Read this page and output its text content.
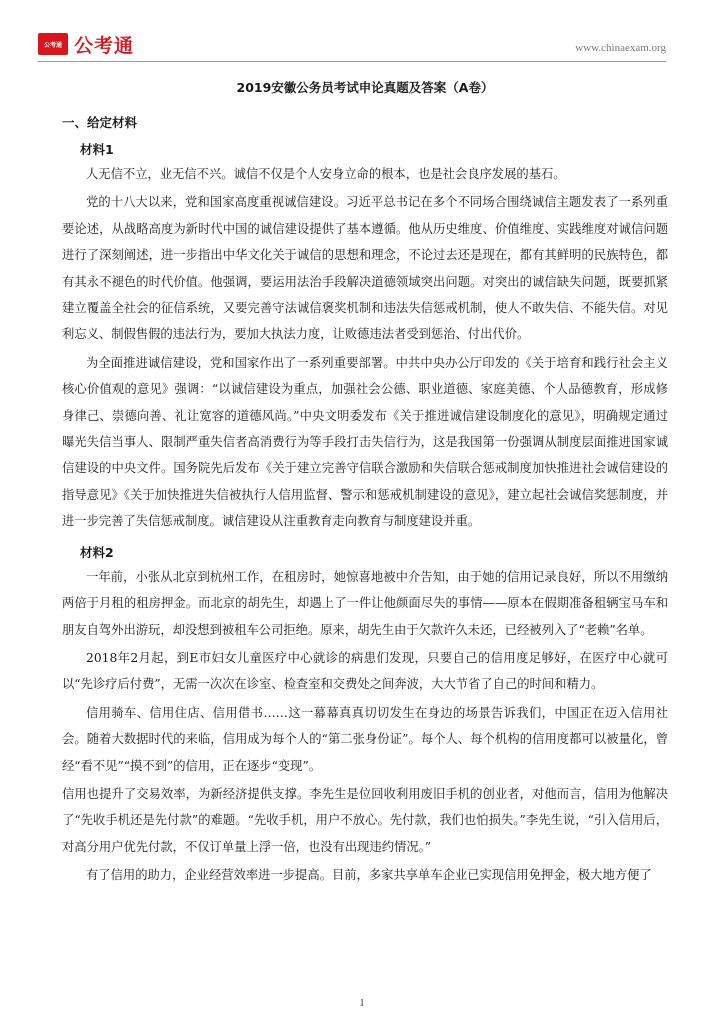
公考通 公考通	www.chinaexam.org
2019安徽公务员考试申论真题及答案（A卷）
一、给定材料
材料1

人无信不立，业无信不兴。诚信不仅是个人安身立命的根本，也是社会良序发展的基石。

党的十八大以来，党和国家高度重视诚信建设。习近平总书记在多个不同场合围绕诚信主题发表了一系列重要论述，从战略高度为新时代中国的诚信建设提供了基本遵循。他从历史维度、价值维度、实践维度对诚信问题进行了深刻阐述，进一步指出中华文化关于诚信的思想和理念，不论过去还是现在，都有其鲜明的民族特色，都有其永不褪色的时代价值。他强调，要运用法治手段解决道德领域突出问题。对突出的诚信缺失问题，既要抓紧建立覆盖全社会的征信系统，又要完善守法诚信褒奖机制和违法失信惩戒机制，使人不敢失信、不能失信。对见利忘义、制假售假的违法行为，要加大执法力度，让败德违法者受到惩治、付出代价。

为全面推进诚信建设，党和国家作出了一系列重要部署。中共中央办公厅印发的《关于培育和践行社会主义核心价值观的意见》强调：“以诚信建设为重点，加强社会公德、职业道德、家庭美德、个人品德教育，形成修身律己、崇德向善、礼让宽容的道德风尚。”中央文明委发布《关于推进诚信建设制度化的意见》，明确规定通过曝光失信当事人、限制严重失信者高消费行为等手段打击失信行为，这是我国第一份强调从制度层面推进国家诚信建设的中央文件。国务院先后发布《关于建立完善守信联合激励和失信联合惩戒制度加快推进社会诚信建设的指导意见》《关于加快推进失信被执行人信用监督、警示和惩戒机制建设的意见》，建立起社会诚信奖惩制度，并进一步完善了失信惩戒制度。诚信建设从注重教育走向教育与制度建设并重。

材料2

一年前，小张从北京到杭州工作，在租房时，她惊喜地被中介告知，由于她的信用记录良好，所以不用缴纳两倍于月租的租房押金。而北京的胡先生，却遇上了一件让他颜面尽失的事情——原本在假期准备租辆宝马车和朋友自驾外出游玩，却没想到被租车公司拒绝。原来，胡先生由于欠款许久未还，已经被列入了“老赖”名单。

2018年2月起，到E市妇女儿童医疗中心就诊的病患们发现，只要自己的信用度足够好，在医疗中心就可以“先诊疗后付费”，无需一次次在诊室、检查室和交费处之间奔波，大大节省了自己的时间和精力。

信用骑车、信用住店、信用借书……这一幕幕真真切切发生在身边的场景告诉我们，中国正在迈入信用社会。随着大数据时代的来临，信用成为每个人的“第二张身份证”。每个人、每个机构的信用度都可以被量化，曾经“看不见”“摸不到”的信用，正在逐步“变现”。

信用也提升了交易效率，为新经济提供支撑。李先生是位回收利用废旧手机的创业者，对他而言，信用为他解决了“先收手机还是先付款”的难题。“先收手机，用户不放心。先付款，我们也怕损失。”李先生说，“引入信用后，对高分用户优先付款，不仅订单量上浮一倍，也没有出现违约情况。”

有了信用的助力，企业经营效率进一步提高。目前，多家共享单车企业已实现信用免押金，极大地方便了

1
